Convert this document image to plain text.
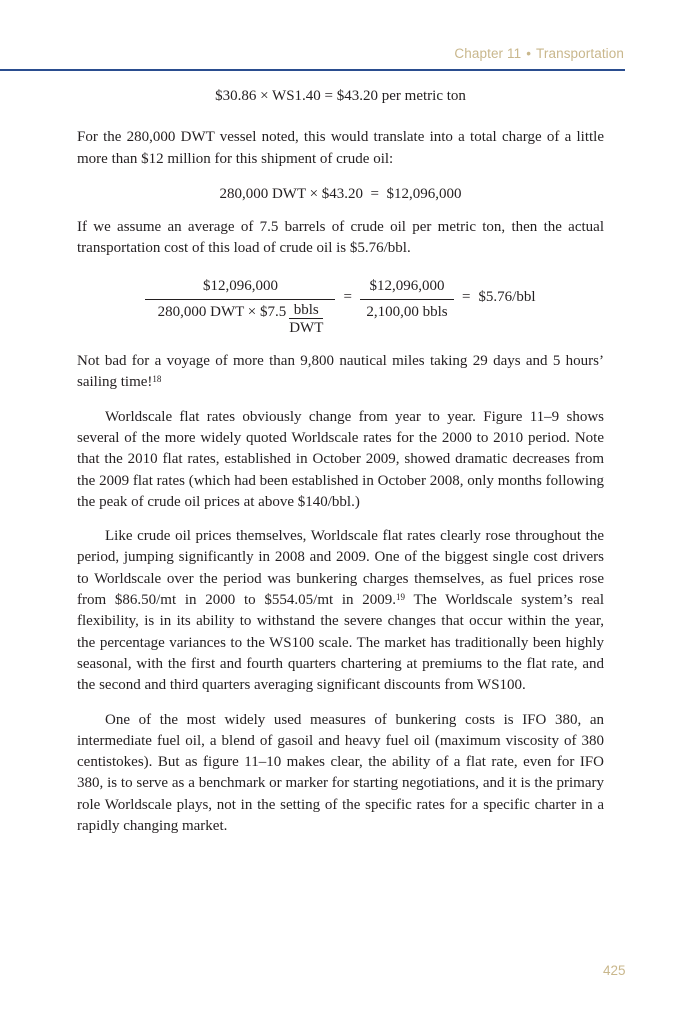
Chapter 11 • Transportation
$30.86 × WS1.40 = $43.20 per metric ton

For the 280,000 DWT vessel noted, this would translate into a total charge of a little more than $12 million for this shipment of crude oil:

280,000 DWT × $43.20  =  $12,096,000

If we assume an average of 7.5 barrels of crude oil per metric ton, then the actual transportation cost of this load of crude oil is $5.76/bbl.

$12,096,000
280,000 DWT × $7.5 $\frac{\text{bbls}}{\text{DWT}}$
= $\frac{\$12,096,000}{\text{2,100,00 bbls}}$ = $5.76/bbl

Not bad for a voyage of more than 9,800 nautical miles taking 29 days and 5 hours’ sailing time!$^{18}$

Worldscale flat rates obviously change from year to year. Figure 11–9 shows several of the more widely quoted Worldscale rates for the 2000 to 2010 period. Note that the 2010 flat rates, established in October 2009, showed dramatic decreases from the 2009 flat rates (which had been established in October 2008, only months following the peak of crude oil prices at above $140/bbl.)

Like crude oil prices themselves, Worldscale flat rates clearly rose throughout the period, jumping significantly in 2008 and 2009. One of the biggest single cost drivers to Worldscale over the period was bunkering charges themselves, as fuel prices rose from $86.50/mt in 2000 to $554.05/mt in 2009.19 The Worldscale system’s real flexibility, is in its ability to withstand the severe changes that occur within the year, the percentage variances to the WS100 scale. The market has traditionally been highly seasonal, with the first and fourth quarters chartering at premiums to the flat rate, and the second and third quarters averaging significant discounts from WS100.

One of the most widely used measures of bunkering costs is IFO 380, an intermediate fuel oil, a blend of gasoil and heavy fuel oil (maximum viscosity of 380 centistokes). But as figure 11–10 makes clear, the ability of a flat rate, even for IFO 380, is to serve as a benchmark or marker for starting negotiations, and it is the primary role Worldscale plays, not in the setting of the specific rates for a specific charter in a rapidly changing market.

425
